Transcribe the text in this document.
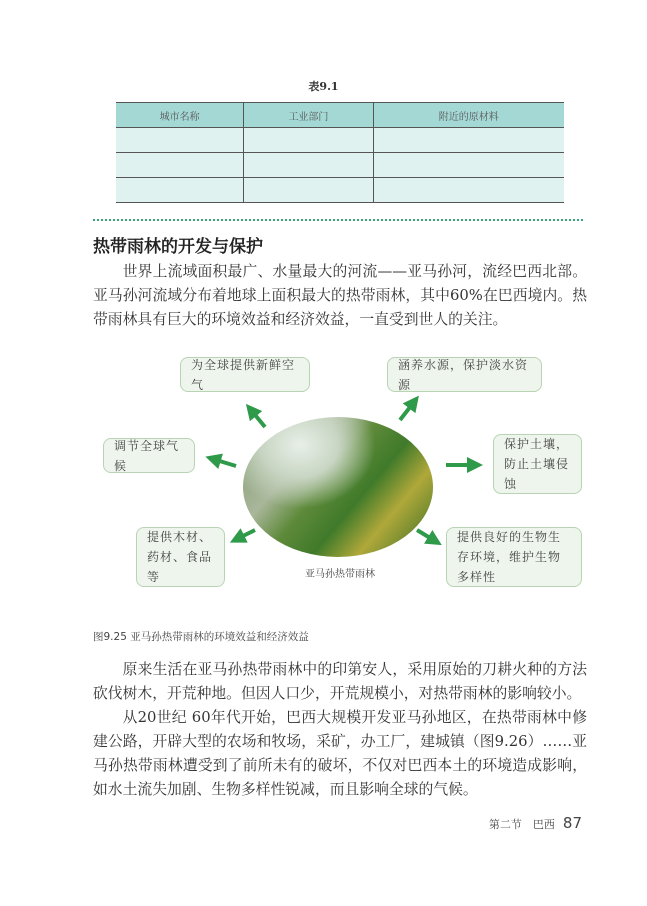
表9.1
城市名称	工业部门	附近的原材料

热带雨林的开发与保护
世界上流域面积最广、水量最大的河流——亚马孙河，流经巴西北部。亚马孙河流域分布着地球上面积最大的热带雨林，其中60%在巴西境内。热带雨林具有巨大的环境效益和经济效益，一直受到世人的关注。
亚马孙热带雨林
为全球提供新鲜空气
涵养水源，保护淡水资源
调节全球气候
保护土壤，防止土壤侵蚀
提供木材、药材、食品等
提供良好的生物生存环境，维护生物多样性
图9.25 亚马孙热带雨林的环境效益和经济效益
原来生活在亚马孙热带雨林中的印第安人，采用原始的刀耕火种的方法砍伐树木，开荒种地。但因人口少，开荒规模小，对热带雨林的影响较小。
从20世纪 60年代开始，巴西大规模开发亚马孙地区，在热带雨林中修建公路，开辟大型的农场和牧场，采矿，办工厂，建城镇（图9.26）……亚马孙热带雨林遭受到了前所未有的破坏，不仅对巴西本土的环境造成影响，如水土流失加剧、生物多样性锐减，而且影响全球的气候。
第二节　巴西 87
